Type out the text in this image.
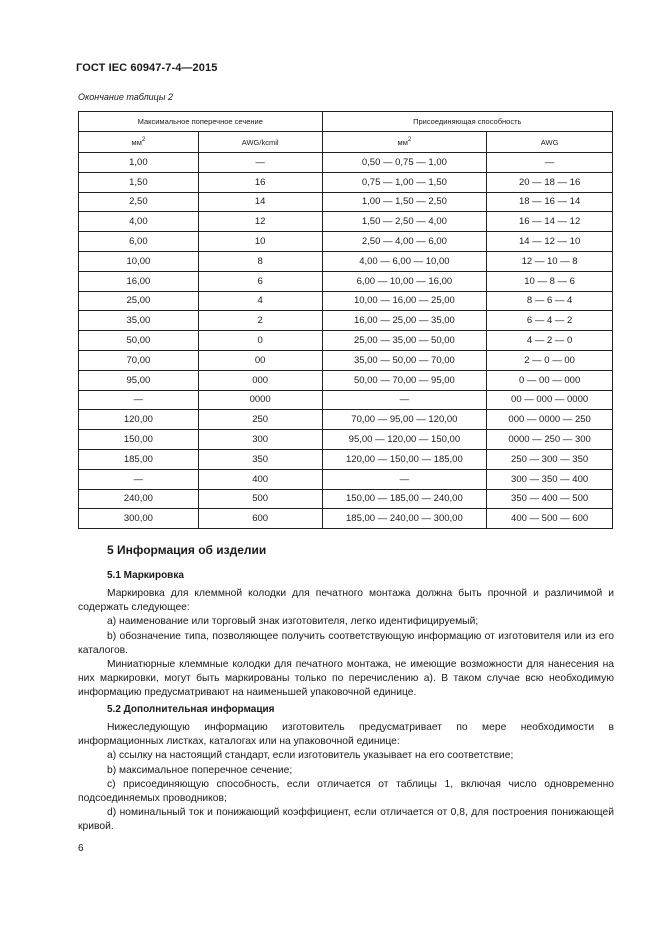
ГОСТ IEC 60947-7-4—2015
Окончание таблицы 2
Максимальное поперечное сечение		Присоединяющая способность	
$мм^2$	AWG/kcmil	$мм^2$	AWG
1,00	—	0,50 — 0,75 — 1,00	—
1,50	16	0,75 — 1,00 — 1,50	20 — 18 — 16
2,50	14	1,00 — 1,50 — 2,50	18 — 16 — 14
4,00	12	1,50 — 2,50 — 4,00	16 — 14 — 12
6,00	10	2,50 — 4,00 — 6,00	14 — 12 — 10
10,00	8	4,00 — 6,00 — 10,00	12 — 10 — 8
16,00	6	6,00 — 10,00 — 16,00	10 — 8 — 6
25,00	4	10,00 — 16,00 — 25,00	8 — 6 — 4
35,00	2	16,00 — 25,00 — 35,00	6 — 4 — 2
50,00	0	25,00 — 35,00 — 50,00	4 — 2 — 0
70,00	00	35,00 — 50,00 — 70,00	2 — 0 — 00
95,00	000	50,00 — 70,00 — 95,00	0 — 00 — 000
—	0000	—	00 — 000 — 0000
120,00	250	70,00 — 95,00 — 120,00	000 — 0000 — 250
150,00	300	95,00 — 120,00 — 150,00	0000 — 250 — 300
185,00	350	120,00 — 150,00 — 185,00	250 — 300 — 350
—	400	—	300 — 350 — 400
240,00	500	150,00 — 185,00 — 240,00	350 — 400 — 500
300,00	600	185,00 — 240,00 — 300,00	400 — 500 — 600
5 Информация об изделии
5.1 Маркировка

Маркировка для клеммной колодки для печатного монтажа должна быть прочной и различимой и содержать следующее:

а) наименование или торговый знак изготовителя, легко идентифицируемый;

b) обозначение типа, позволяющее получить соответствующую информацию от изготовителя или из его каталогов.

Миниатюрные клеммные колодки для печатного монтажа, не имеющие возможности для нанесения на них маркировки, могут быть маркированы только по перечислению а). В таком случае всю необходимую информацию предусматривают на наименьшей упаковочной единице.

5.2 Дополнительная информация

Нижеследующую информацию изготовитель предусматривает по мере необходимости в информационных листках, каталогах или на упаковочной единице:

а) ссылку на настоящий стандарт, если изготовитель указывает на его соответствие;

b) максимальное поперечное сечение;

с) присоединяющую способность, если отличается от таблицы 1, включая число одновременно подсоединяемых проводников;

d) номинальный ток и понижающий коэффициент, если отличается от 0,8, для построения понижающей кривой.

6
